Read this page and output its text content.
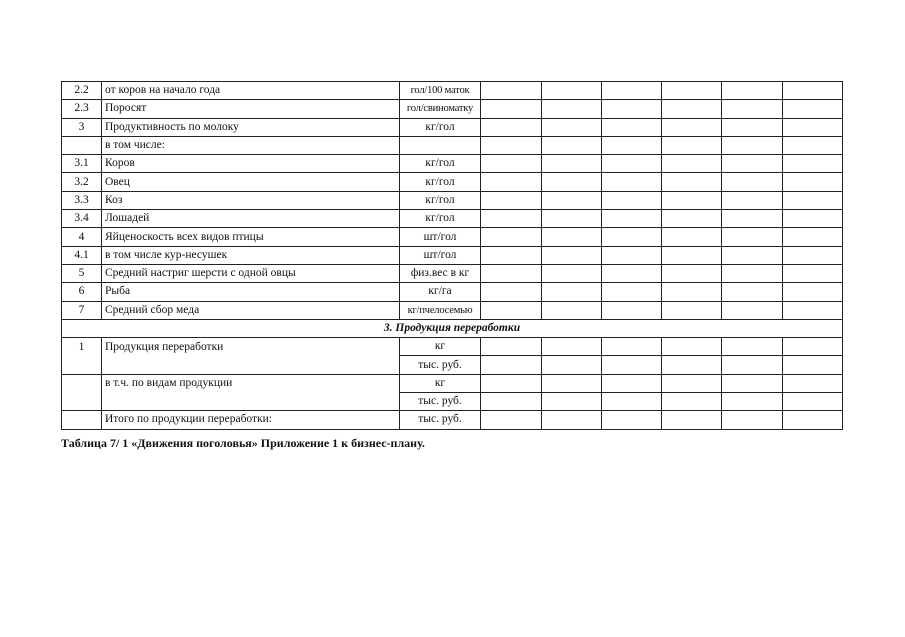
2.2	от коров на начало года	гол/100 маток						
2.3	Поросят	гол/свиноматку						
3	Продуктивность по молоку	кг/гол						
	в том числе:							
3.1	Коров	кг/гол						
3.2	Овец	кг/гол						
3.3	Коз	кг/гол						
3.4	Лошадей	кг/гол						
4	Яйценоскость всех видов птицы	шт/гол						
4.1	в том числе кур-несушек	шт/гол						
5	Средний настриг шерсти с одной овцы	физ.вес в кг						
6	Рыба	кг/га						
7	Средний сбор меда	кг/пчелосемью						
3. Продукция переработки								
1	Продукция переработки	кг						
		тыс. руб.						
	в т.ч. по видам продукции	кг						
		тыс. руб.						
	Итого по продукции переработки:	тыс. руб.						
Таблица 7/ 1 «Движения поголовья» Приложение 1 к бизнес-плану.
